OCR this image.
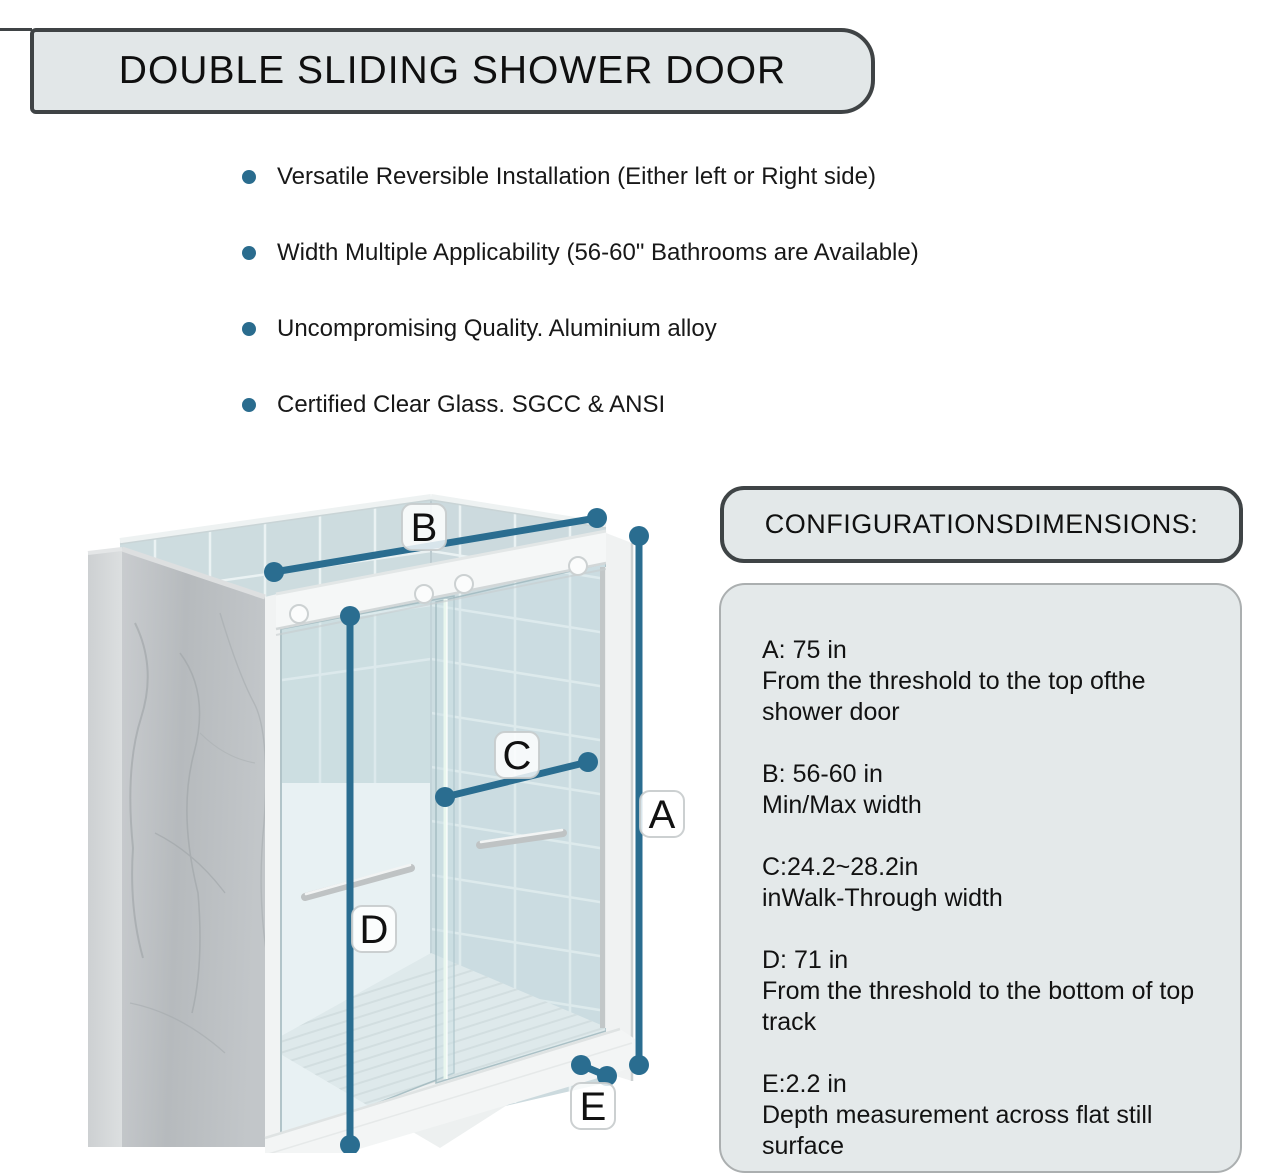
DOUBLE SLIDING SHOWER DOOR
Versatile Reversible Installation (Either left or Right side)
Width Multiple Applicability (56-60" Bathrooms are Available)
Uncompromising Quality. Aluminium alloy
Certified Clear Glass. SGCC & ANSI
B
C
A
D
E
CONFIGURATIONSDIMENSIONS:
A: 75 in
From the threshold to the top ofthe shower door
B: 56-60 in
Min/Max width
C:24.2~28.2in
inWalk-Through width
D: 71 in
From the threshold to the bottom of top track
E:2.2 in
Depth measurement across flat still surface
